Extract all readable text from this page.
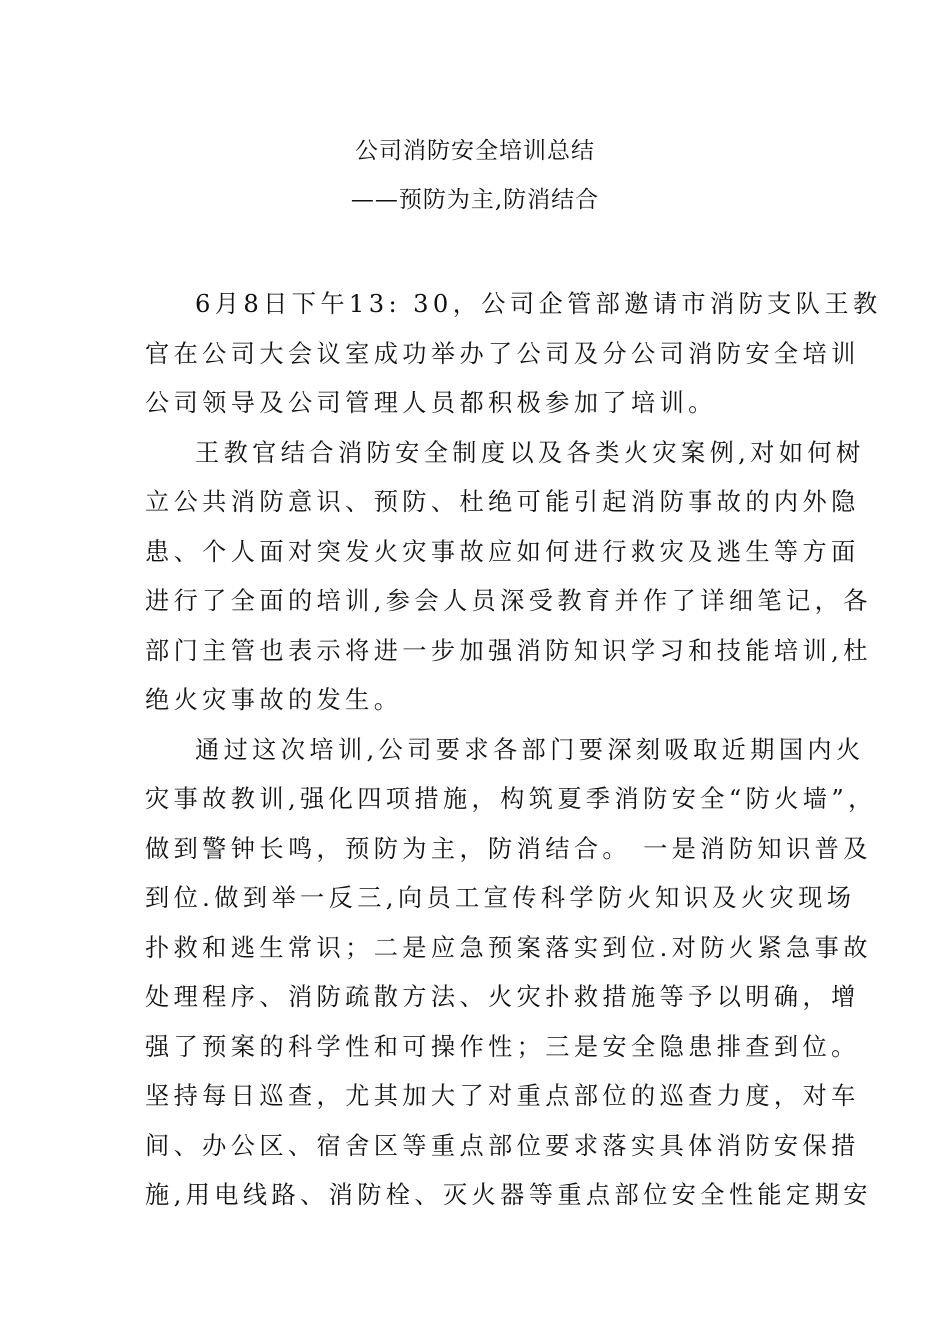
公司消防安全培训总结
——预防为主,防消结合
6月8日下午13: 30，公司企管部邀请市消防支队王教
官在公司大会议室成功举办了公司及分公司消防安全培训
公司领导及公司管理人员都积极参加了培训。
王教官结合消防安全制度以及各类火灾案例,对如何树
立公共消防意识、预防、杜绝可能引起消防事故的内外隐
患、个人面对突发火灾事故应如何进行救灾及逃生等方面
进行了全面的培训,参会人员深受教育并作了详细笔记，各
部门主管也表示将进一步加强消防知识学习和技能培训,杜
绝火灾事故的发生。
通过这次培训,公司要求各部门要深刻吸取近期国内火
灾事故教训,强化四项措施，构筑夏季消防安全“防火墙”，
做到警钟长鸣，预防为主，防消结合。 一是消防知识普及
到位.做到举一反三,向员工宣传科学防火知识及火灾现场
扑救和逃生常识；二是应急预案落实到位.对防火紧急事故
处理程序、消防疏散方法、火灾扑救措施等予以明确，增
强了预案的科学性和可操作性；三是安全隐患排查到位。
坚持每日巡查，尤其加大了对重点部位的巡查力度，对车
间、办公区、宿舍区等重点部位要求落实具体消防安保措
施,用电线路、消防栓、灭火器等重点部位安全性能定期安
